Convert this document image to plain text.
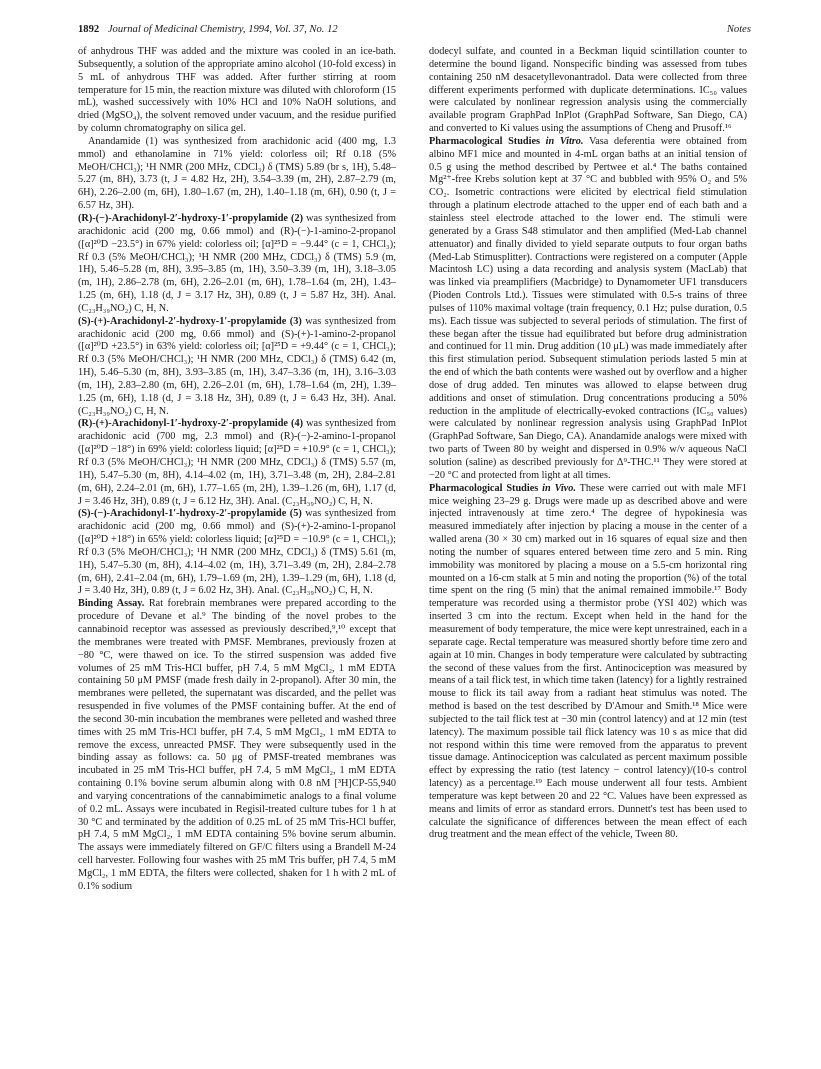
1892 Journal of Medicinal Chemistry, 1994, Vol. 37, No. 12	Notes

of anhydrous THF was added and the mixture was cooled in an ice-bath. Subsequently, a solution of the appropriate amino alcohol (10-fold excess) in 5 mL of anhydrous THF was added. After further stirring at room temperature for 15 min, the reaction mixture was diluted with chloroform (15 mL), washed successively with 10% HCl and 10% NaOH solutions, and dried (MgSO₄), the solvent removed under vacuum, and the residue purified by column chromatography on silica gel.

Anandamide (1) was synthesized from arachidonic acid (400 mg, 1.3 mmol) and ethanolamine in 71% yield: colorless oil; Rf 0.18 (5% MeOH/CHCl₃); ¹H NMR (200 MHz, CDCl₃) δ (TMS) 5.89 (br s, 1H), 5.48–5.27 (m, 8H), 3.73 (t, J = 4.82 Hz, 2H), 3.54–3.39 (m, 2H), 2.87–2.79 (m, 6H), 2.26–2.00 (m, 6H), 1.80–1.67 (m, 2H), 1.40–1.18 (m, 6H), 0.90 (t, J = 6.57 Hz, 3H).

(R)-(−)-Arachidonyl-2′-hydroxy-1′-propylamide (2) was synthesized from arachidonic acid (200 mg, 0.66 mmol) and (R)-(−)-1-amino-2-propanol ([α]²⁰D −23.5°) in 67% yield: colorless oil; [α]²⁵D = −9.44° (c = 1, CHCl₃); Rf 0.3 (5% MeOH/CHCl₃); ¹H NMR (200 MHz, CDCl₃) δ (TMS) 5.9 (m, 1H), 5.46–5.28 (m, 8H), 3.95–3.85 (m, 1H), 3.50–3.39 (m, 1H), 3.18–3.05 (m, 1H), 2.86–2.78 (m, 6H), 2.26–2.01 (m, 6H), 1.78–1.64 (m, 2H), 1.43–1.25 (m, 6H), 1.18 (d, J = 3.17 Hz, 3H), 0.89 (t, J = 5.87 Hz, 3H). Anal. (C₂₃H₃₉NO₂) C, H, N.

(S)-(+)-Arachidonyl-2′-hydroxy-1′-propylamide (3) was synthesized from arachidonic acid (200 mg, 0.66 mmol) and (S)-(+)-1-amino-2-propanol ([α]²⁰D +23.5°) in 63% yield: colorless oil; [α]²⁵D = +9.44° (c = 1, CHCl₃); Rf 0.3 (5% MeOH/CHCl₃); ¹H NMR (200 MHz, CDCl₃) δ (TMS) 6.42 (m, 1H), 5.46–5.30 (m, 8H), 3.93–3.85 (m, 1H), 3.47–3.36 (m, 1H), 3.16–3.03 (m, 1H), 2.83–2.80 (m, 6H), 2.26–2.01 (m, 6H), 1.78–1.64 (m, 2H), 1.39–1.25 (m, 6H), 1.18 (d, J = 3.18 Hz, 3H), 0.89 (t, J = 6.43 Hz, 3H). Anal. (C₂₃H₃₉NO₂) C, H, N.

(R)-(+)-Arachidonyl-1′-hydroxy-2′-propylamide (4) was synthesized from arachidonic acid (700 mg, 2.3 mmol) and (R)-(−)-2-amino-1-propanol ([α]²⁰D −18°) in 69% yield: colorless liquid; [α]²⁵D = +10.9° (c = 1, CHCl₃); Rf 0.3 (5% MeOH/CHCl₃); ¹H NMR (200 MHz, CDCl₃) δ (TMS) 5.57 (m, 1H), 5.47–5.30 (m, 8H), 4.14–4.02 (m, 1H), 3.71–3.48 (m, 2H), 2.84–2.81 (m, 6H), 2.24–2.01 (m, 6H), 1.77–1.65 (m, 2H), 1.39–1.26 (m, 6H), 1.17 (d, J = 3.46 Hz, 3H), 0.89 (t, J = 6.12 Hz, 3H). Anal. (C₂₃H₃₉NO₂) C, H, N.

(S)-(−)-Arachidonyl-1′-hydroxy-2′-propylamide (5) was synthesized from arachidonic acid (200 mg, 0.66 mmol) and (S)-(+)-2-amino-1-propanol ([α]²⁰D +18°) in 65% yield: colorless liquid; [α]²⁵D = −10.9° (c = 1, CHCl₃); Rf 0.3 (5% MeOH/CHCl₃); ¹H NMR (200 MHz, CDCl₃) δ (TMS) 5.61 (m, 1H), 5.47–5.30 (m, 8H), 4.14–4.02 (m, 1H), 3.71–3.49 (m, 2H), 2.84–2.78 (m, 6H), 2.41–2.04 (m, 6H), 1.79–1.69 (m, 2H), 1.39–1.29 (m, 6H), 1.18 (d, J = 3.40 Hz, 3H), 0.89 (t, J = 6.02 Hz, 3H). Anal. (C₂₃H₃₉NO₂) C, H, N.

Binding Assay. Rat forebrain membranes were prepared according to the procedure of Devane et al.⁹ The binding of the novel probes to the cannabinoid receptor was assessed as previously described,⁹,¹⁰ except that the membranes were treated with PMSF. Membranes, previously frozen at −80 °C, were thawed on ice. To the stirred suspension was added five volumes of 25 mM Tris-HCl buffer, pH 7.4, 5 mM MgCl₂, 1 mM EDTA containing 50 μM PMSF (made fresh daily in 2-propanol). After 30 min, the membranes were pelleted, the supernatant was discarded, and the pellet was resuspended in five volumes of the PMSF containing buffer. At the end of the second 30-min incubation the membranes were pelleted and washed three times with 25 mM Tris-HCl buffer, pH 7.4, 5 mM MgCl₂, 1 mM EDTA to remove the excess, unreacted PMSF. They were subsequently used in the binding assay as follows: ca. 50 μg of PMSF-treated membranes was incubated in 25 mM Tris-HCl buffer, pH 7.4, 5 mM MgCl₂, 1 mM EDTA containing 0.1% bovine serum albumin along with 0.8 nM [³H]CP-55,940 and varying concentrations of the cannabimimetic analogs to a final volume of 0.2 mL. Assays were incubated in Regisil-treated culture tubes for 1 h at 30 °C and terminated by the addition of 0.25 mL of 25 mM Tris-HCl buffer, pH 7.4, 5 mM MgCl₂, 1 mM EDTA containing 5% bovine serum albumin. The assays were immediately filtered on GF/C filters using a Brandell M-24 cell harvester. Following four washes with 25 mM Tris buffer, pH 7.4, 5 mM MgCl₂, 1 mM EDTA, the filters were collected, shaken for 1 h with 2 mL of 0.1% sodium

dodecyl sulfate, and counted in a Beckman liquid scintillation counter to determine the bound ligand. Nonspecific binding was assessed from tubes containing 250 nM desacetyllevonantradol. Data were collected from three different experiments performed with duplicate determinations. IC₅₀ values were calculated by nonlinear regression analysis using the commercially available program GraphPad InPlot (GraphPad Software, San Diego, CA) and converted to Ki values using the assumptions of Cheng and Prusoff.¹⁶

Pharmacological Studies in Vitro. Vasa deferentia were obtained from albino MF1 mice and mounted in 4-mL organ baths at an initial tension of 0.5 g using the method described by Pertwee et al.⁴ The baths contained Mg²⁺-free Krebs solution kept at 37 °C and bubbled with 95% O₂ and 5% CO₂. Isometric contractions were elicited by electrical field stimulation through a platinum electrode attached to the upper end of each bath and a stainless steel electrode attached to the lower end. The stimuli were generated by a Grass S48 stimulator and then amplified (Med-Lab channel attenuator) and finally divided to yield separate outputs to four organ baths (Med-Lab Stimusplitter). Contractions were registered on a computer (Apple Macintosh LC) using a data recording and analysis system (MacLab) that was linked via preamplifiers (Macbridge) to Dynamometer UF1 transducers (Pioden Controls Ltd.). Tissues were stimulated with 0.5-s trains of three pulses of 110% maximal voltage (train frequency, 0.1 Hz; pulse duration, 0.5 ms). Each tissue was subjected to several periods of stimulation. The first of these began after the tissue had equilibrated but before drug administration and continued for 11 min. Drug addition (10 μL) was made immediately after this first stimulation period. Subsequent stimulation periods lasted 5 min at the end of which the bath contents were washed out by overflow and a higher dose of drug added. Ten minutes was allowed to elapse between drug additions and onset of stimulation. Drug concentrations producing a 50% reduction in the amplitude of electrically-evoked contractions (IC₅₀ values) were calculated by nonlinear regression analysis using GraphPad InPlot (GraphPad Software, San Diego, CA). Anandamide analogs were mixed with two parts of Tween 80 by weight and dispersed in 0.9% w/v aqueous NaCl solution (saline) as described previously for Δ⁹-THC.¹¹ They were stored at −20 °C and protected from light at all times.

Pharmacological Studies in Vivo. These were carried out with male MF1 mice weighing 23–29 g. Drugs were made up as described above and were injected intravenously at time zero.⁴ The degree of hypokinesia was measured immediately after injection by placing a mouse in the center of a walled arena (30 × 30 cm) marked out in 16 squares of equal size and then noting the number of squares entered between time zero and 5 min. Ring immobility was monitored by placing a mouse on a 5.5-cm horizontal ring mounted on a 16-cm stalk at 5 min and noting the proportion (%) of the total time spent on the ring (5 min) that the animal remained immobile.¹⁷ Body temperature was recorded using a thermistor probe (YSI 402) which was inserted 3 cm into the rectum. Except when held in the hand for the measurement of body temperature, the mice were kept unrestrained, each in a separate cage. Rectal temperature was measured shortly before time zero and again at 10 min. Changes in body temperature were calculated by subtracting the second of these values from the first. Antinociception was measured by means of a tail flick test, in which time taken (latency) for a lightly restrained mouse to flick its tail away from a radiant heat stimulus was noted. The method is based on the test described by D'Amour and Smith.¹⁸ Mice were subjected to the tail flick test at −30 min (control latency) and at 12 min (test latency). The maximum possible tail flick latency was 10 s as mice that did not respond within this time were removed from the apparatus to prevent tissue damage. Antinociception was calculated as percent maximum possible effect by expressing the ratio (test latency − control latency)/(10-s control latency) as a percentage.¹⁹ Each mouse underwent all four tests. Ambient temperature was kept between 20 and 22 °C. Values have been expressed as means and limits of error as standard errors. Dunnett's test has been used to calculate the significance of differences between the mean effect of each drug treatment and the mean effect of the vehicle, Tween 80.
